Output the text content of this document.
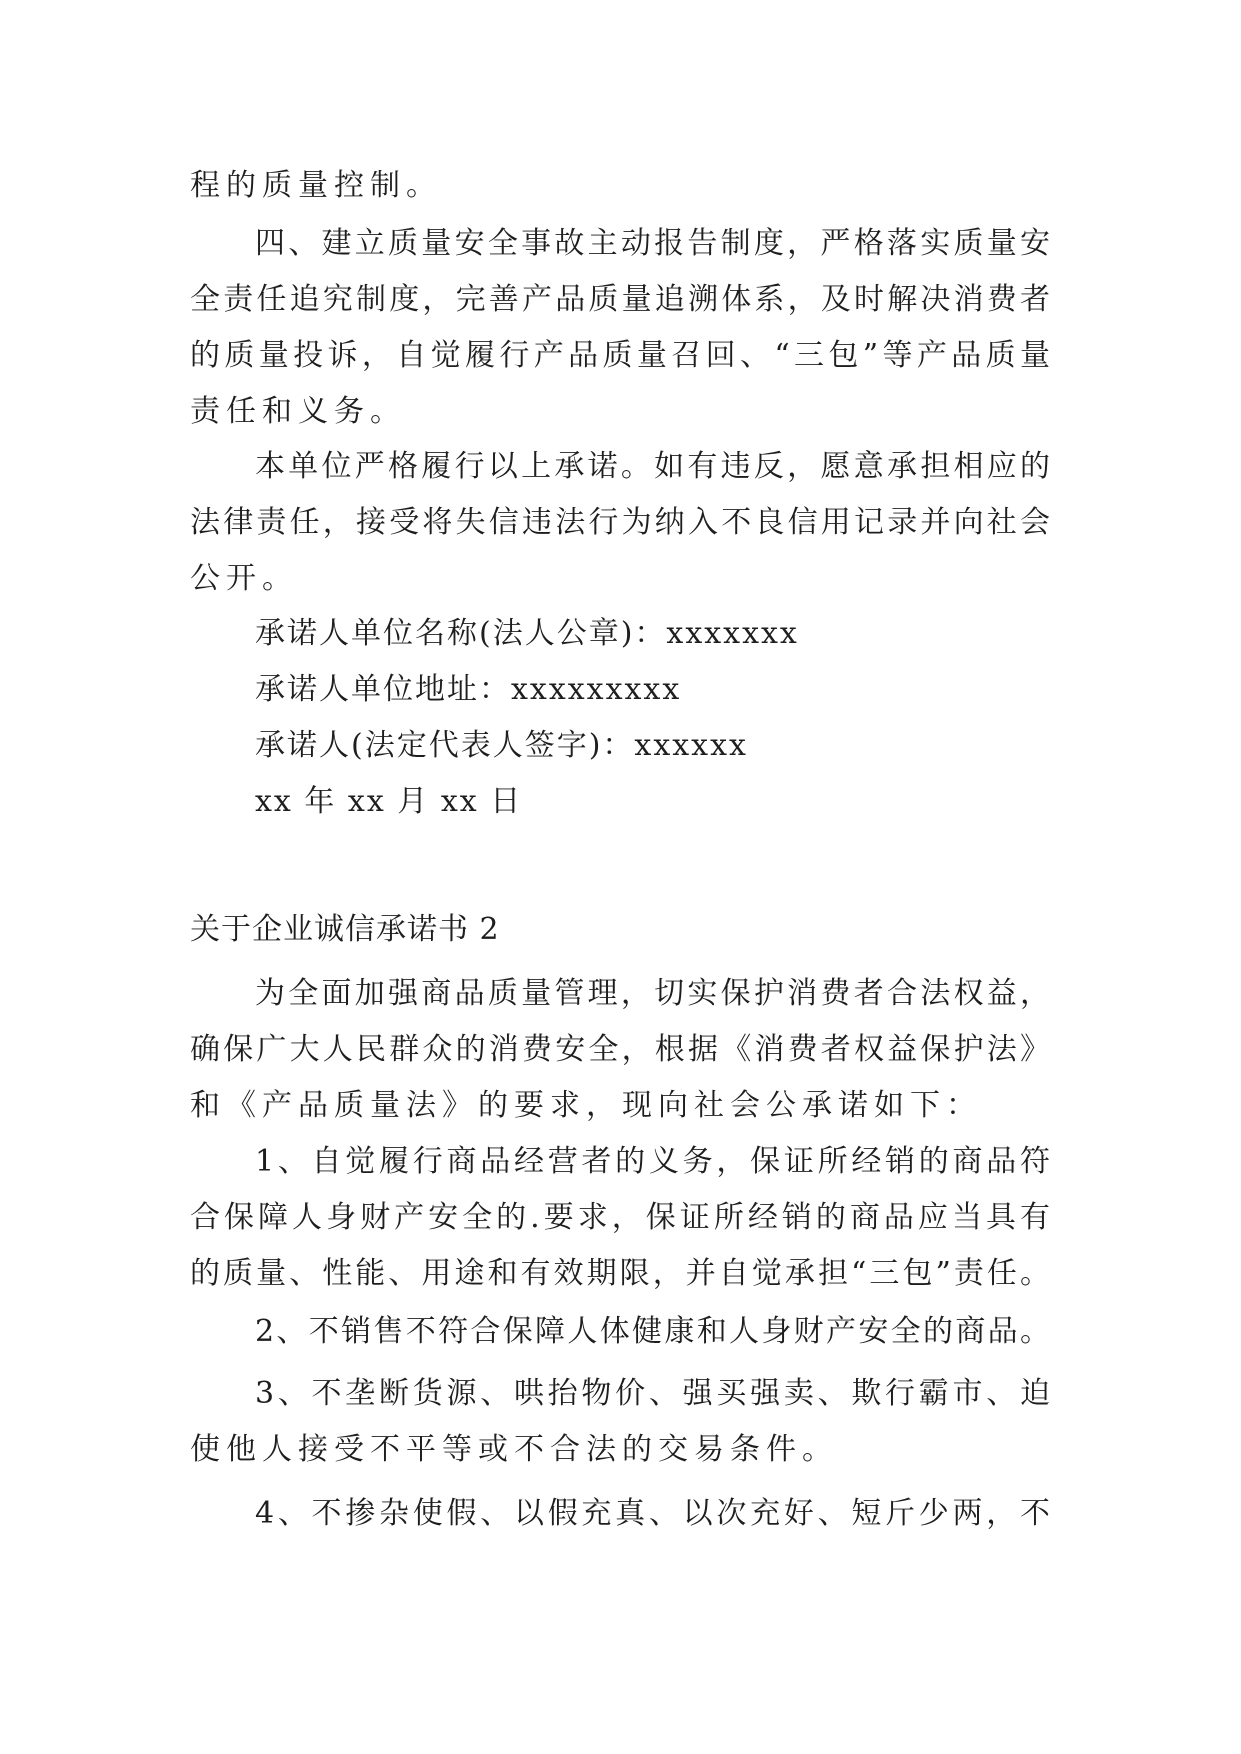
程的质量控制。
四、建立质量安全事故主动报告制度，严格落实质量安
全责任追究制度，完善产品质量追溯体系，及时解决消费者
的质量投诉，自觉履行产品质量召回、“三包”等产品质量
责任和义务。
本单位严格履行以上承诺。如有违反，愿意承担相应的
法律责任，接受将失信违法行为纳入不良信用记录并向社会
公开。
承诺人单位名称(法人公章)：xxxxxxx
承诺人单位地址：xxxxxxxxx
承诺人(法定代表人签字)：xxxxxx
xx 年 xx 月 xx 日
关于企业诚信承诺书 2
为全面加强商品质量管理，切实保护消费者合法权益，
确保广大人民群众的消费安全，根据《消费者权益保护法》
和《产品质量法》的要求，现向社会公承诺如下：
1、自觉履行商品经营者的义务，保证所经销的商品符
合保障人身财产安全的.要求，保证所经销的商品应当具有
的质量、性能、用途和有效期限，并自觉承担“三包”责任。
2、不销售不符合保障人体健康和人身财产安全的商品。
3、不垄断货源、哄抬物价、强买强卖、欺行霸市、迫
使他人接受不平等或不合法的交易条件。
4、不掺杂使假、以假充真、以次充好、短斤少两，不
